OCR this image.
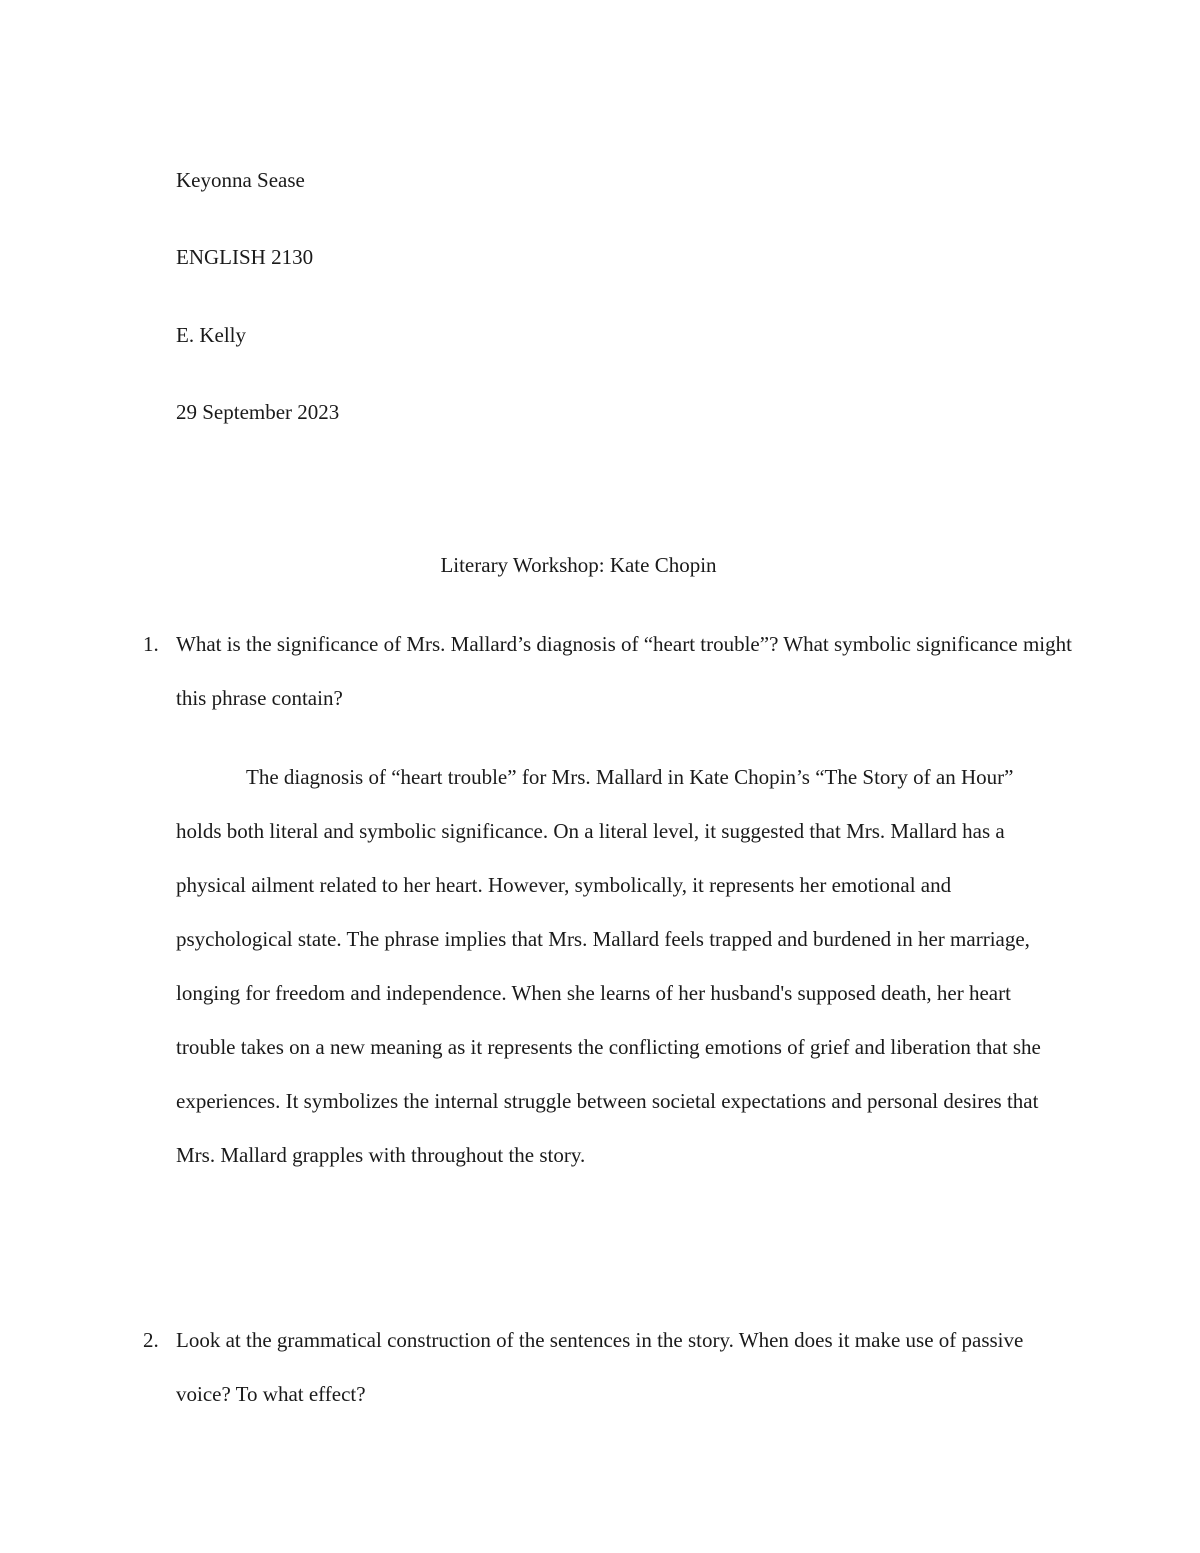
Keyonna Sease
ENGLISH 2130
E. Kelly
29 September 2023
Literary Workshop: Kate Chopin
1. What is the significance of Mrs. Mallard’s diagnosis of “heart trouble”? What symbolic significance might this phrase contain?

The diagnosis of “heart trouble” for Mrs. Mallard in Kate Chopin’s “The Story of an Hour” holds both literal and symbolic significance. On a literal level, it suggested that Mrs. Mallard has a physical ailment related to her heart. However, symbolically, it represents her emotional and psychological state. The phrase implies that Mrs. Mallard feels trapped and burdened in her marriage, longing for freedom and independence. When she learns of her husband's supposed death, her heart trouble takes on a new meaning as it represents the conflicting emotions of grief and liberation that she experiences. It symbolizes the internal struggle between societal expectations and personal desires that Mrs. Mallard grapples with throughout the story.

2. Look at the grammatical construction of the sentences in the story. When does it make use of passive voice? To what effect?
